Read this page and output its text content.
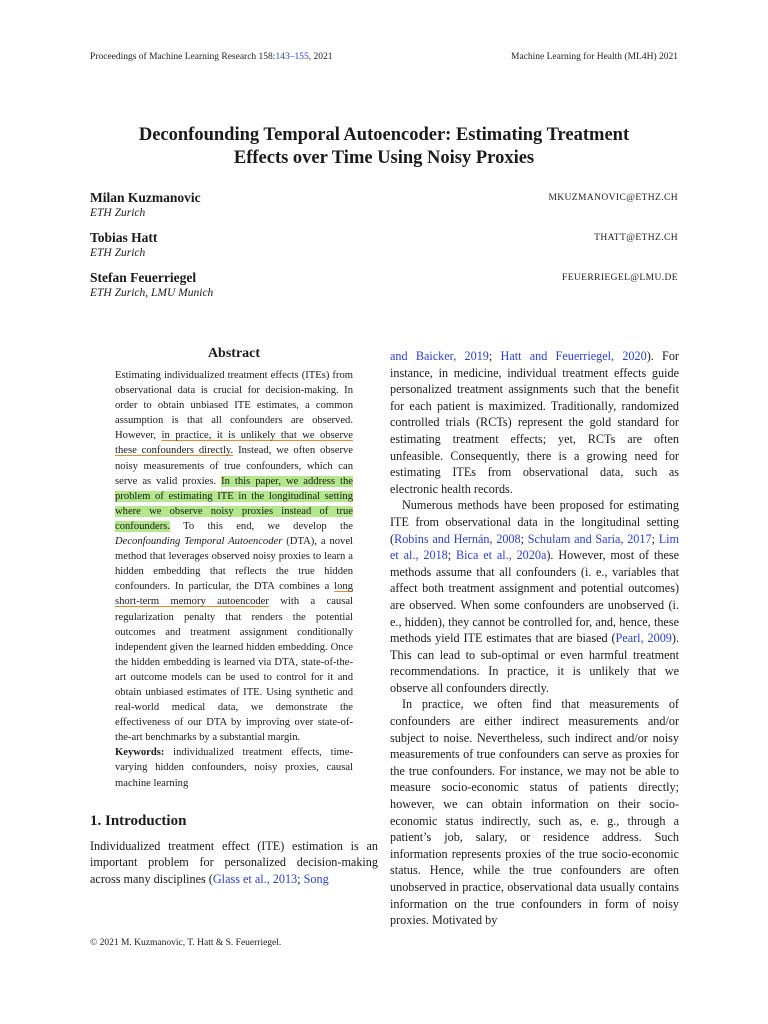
Proceedings of Machine Learning Research 158:143–155, 2021	Machine Learning for Health (ML4H) 2021
Deconfounding Temporal Autoencoder: Estimating Treatment
Effects over Time Using Noisy Proxies
Milan Kuzmanovic
ETH Zurich
MKUZMANOVIC@ETHZ.CH
Tobias Hatt
ETH Zurich
THATT@ETHZ.CH
Stefan Feuerriegel
ETH Zurich, LMU Munich
FEUERRIEGEL@LMU.DE
Abstract

Estimating individualized treatment effects (ITEs) from observational data is crucial for decision-making. In order to obtain unbiased ITE estimates, a common assumption is that all confounders are observed. However, in practice, it is unlikely that we observe these confounders directly. Instead, we often observe noisy measurements of true confounders, which can serve as valid proxies. In this paper, we address the problem of estimating ITE in the longitudinal setting where we observe noisy proxies instead of true confounders. To this end, we develop the Deconfounding Temporal Autoencoder (DTA), a novel method that leverages observed noisy proxies to learn a hidden embedding that reflects the true hidden confounders. In particular, the DTA combines a long short-term memory autoencoder with a causal regularization penalty that renders the potential outcomes and treatment assignment conditionally independent given the learned hidden embedding. Once the hidden embedding is learned via DTA, state-of-the-art outcome models can be used to control for it and obtain unbiased estimates of ITE. Using synthetic and real-world medical data, we demonstrate the effectiveness of our DTA by improving over state-of-the-art benchmarks by a substantial margin.

Keywords: individualized treatment effects, time-varying hidden confounders, noisy proxies, causal machine learning

1. Introduction

Individualized treatment effect (ITE) estimation is an important problem for personalized decision-making across many disciplines (Glass et al., 2013; Song

and Baicker, 2019; Hatt and Feuerriegel, 2020). For instance, in medicine, individual treatment effects guide personalized treatment assignments such that the benefit for each patient is maximized. Traditionally, randomized controlled trials (RCTs) represent the gold standard for estimating treatment effects; yet, RCTs are often unfeasible. Consequently, there is a growing need for estimating ITEs from observational data, such as electronic health records.

Numerous methods have been proposed for estimating ITE from observational data in the longitudinal setting (Robins and Hernán, 2008; Schulam and Saria, 2017; Lim et al., 2018; Bica et al., 2020a). However, most of these methods assume that all confounders (i. e., variables that affect both treatment assignment and potential outcomes) are observed. When some confounders are unobserved (i. e., hidden), they cannot be controlled for, and, hence, these methods yield ITE estimates that are biased (Pearl, 2009). This can lead to sub-optimal or even harmful treatment recommendations. In practice, it is unlikely that we observe all confounders directly.

In practice, we often find that measurements of confounders are either indirect measurements and/or subject to noise. Nevertheless, such indirect and/or noisy measurements of true confounders can serve as proxies for the true confounders. For instance, we may not be able to measure socio-economic status of patients directly; however, we can obtain information on their socio-economic status indirectly, such as, e. g., through a patient’s job, salary, or residence address. Such information represents proxies of the true socio-economic status. Hence, while the true confounders are often unobserved in practice, observational data usually contains information on the true confounders in form of noisy proxies. Motivated by

© 2021 M. Kuzmanovic, T. Hatt & S. Feuerriegel.
